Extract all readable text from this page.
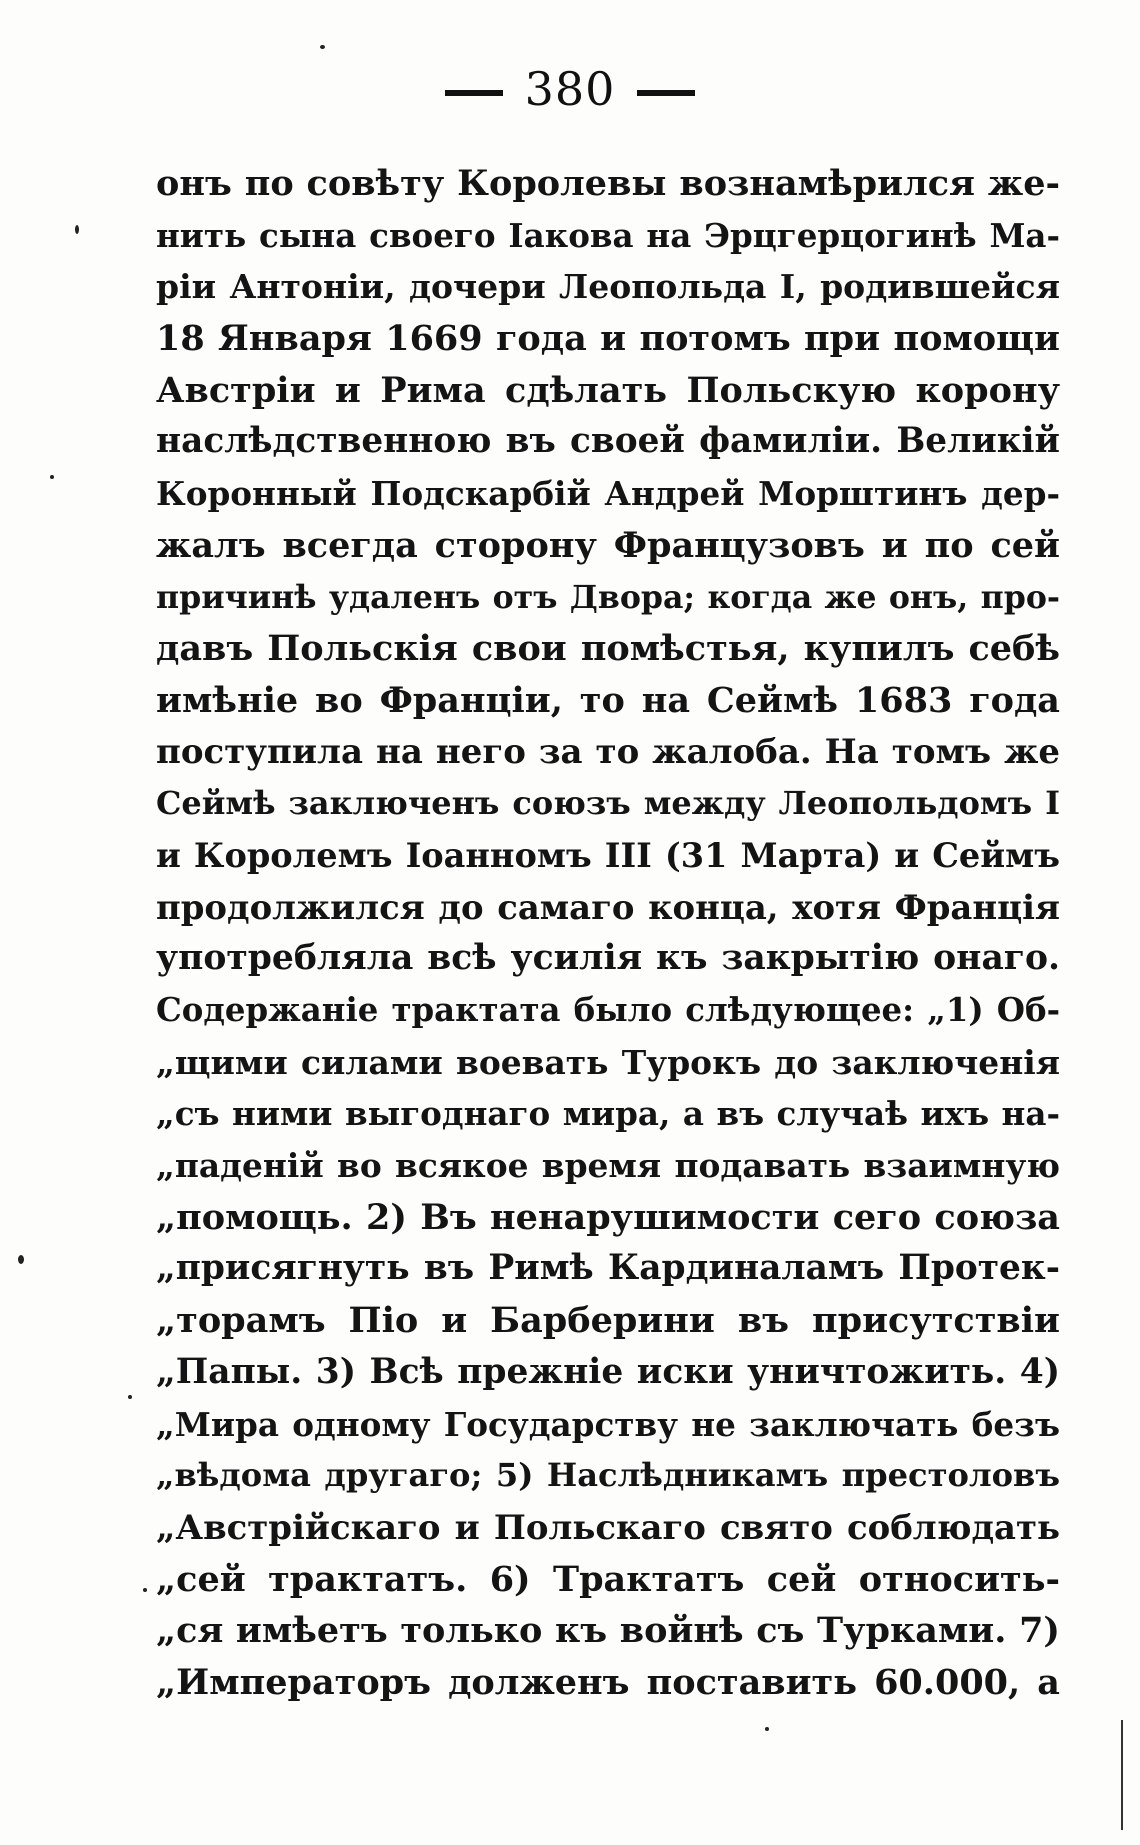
380
онъ по совѣту Королевы вознамѣрился же-
нить сына своего Іакова на Эрцгерцогинѣ Ма-
ріи Антоніи, дочери Леопольда I, родившейся
18 Января 1669 года и потомъ при помощи
Австріи и Рима сдѣлать Польскую корону
наслѣдственною въ своей фамиліи. Великій
Коронный Подскарбій Андрей Морштинъ дер-
жалъ всегда сторону Французовъ и по сей
причинѣ удаленъ отъ Двора; когда же онъ, про-
давъ Польскія свои помѣстья, купилъ себѣ
имѣніе во Франціи, то на Сеймѣ 1683 года
поступила на него за то жалоба. На томъ же
Сеймѣ заключенъ союзъ между Леопольдомъ I
и Королемъ Іоанномъ III (31 Марта) и Сеймъ
продолжился до самаго конца, хотя Франція
употребляла всѣ усилія къ закрытію онаго.
Содержаніе трактата было слѣдующее: „1) Об-
„щими силами воевать Турокъ до заключенія
„съ ними выгоднаго мира, а въ случаѣ ихъ на-
„паденій во всякое время подавать взаимную
„помощь. 2) Въ ненарушимости сего союза
„присягнуть въ Римѣ Кардиналамъ Протек-
„торамъ Піо и Барберини въ присутствіи
„Папы. 3) Всѣ прежніе иски уничтожить. 4)
„Мира одному Государству не заключать безъ
„вѣдома другаго; 5) Наслѣдникамъ престоловъ
„Австрійскаго и Польскаго свято соблюдать
„сей трактатъ. 6) Трактатъ сей относить-
„ся имѣетъ только къ войнѣ съ Турками. 7)
„Императоръ долженъ поставить 60.000, а
